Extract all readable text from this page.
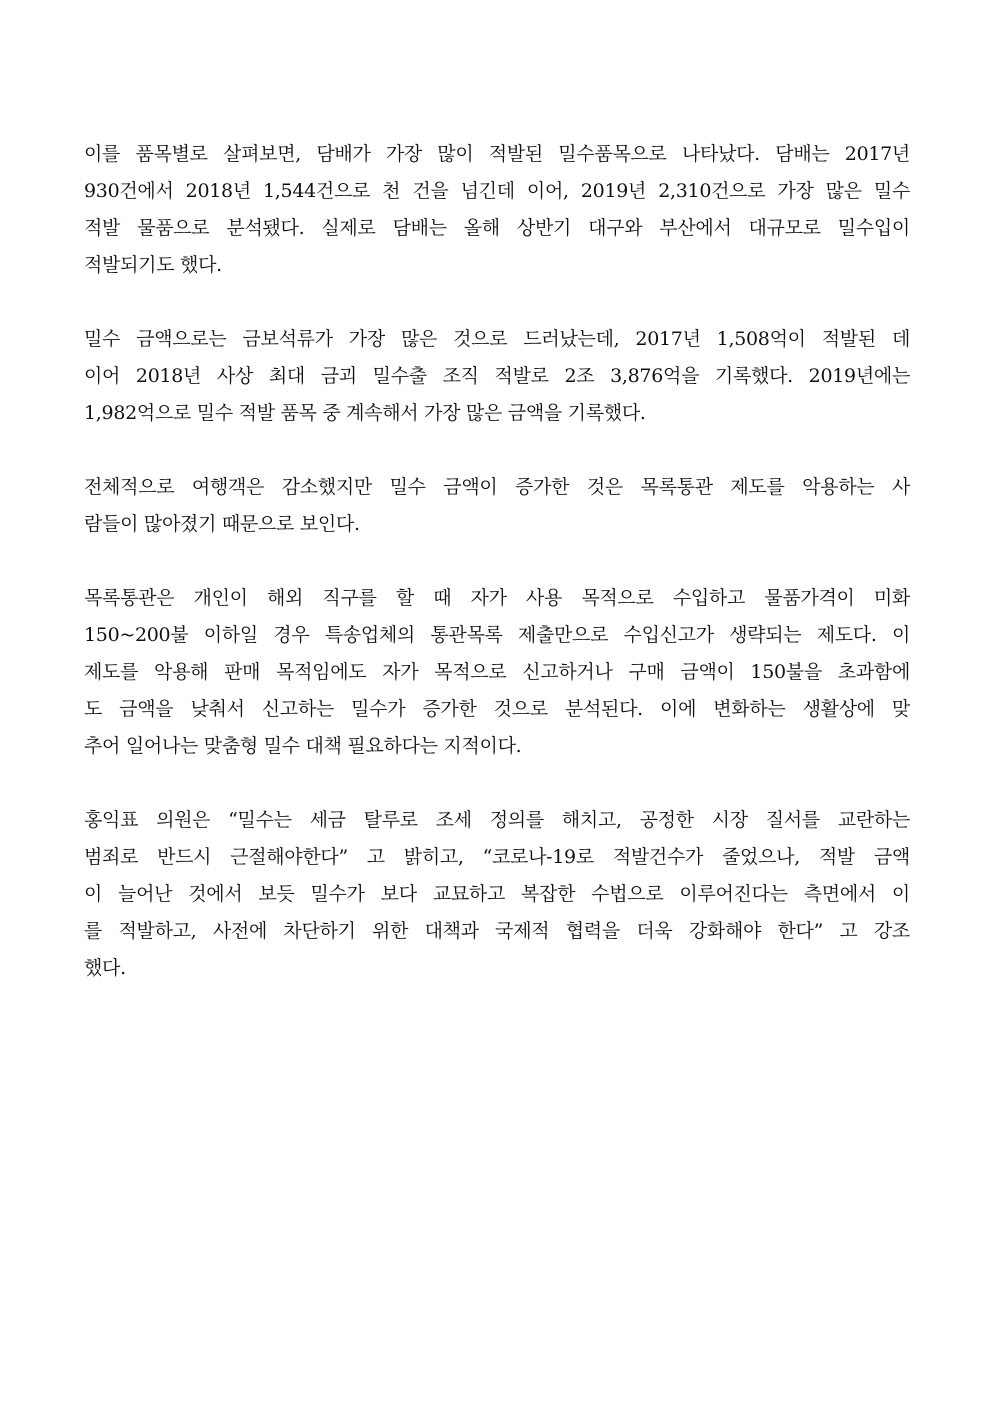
이를 품목별로 살펴보면, 담배가 가장 많이 적발된 밀수품목으로 나타났다. 담배는 2017년
930건에서 2018년 1,544건으로 천 건을 넘긴데 이어, 2019년 2,310건으로 가장 많은 밀수
적발 물품으로 분석됐다. 실제로 담배는 올해 상반기 대구와 부산에서 대규모로 밀수입이
적발되기도 했다.

밀수 금액으로는 금보석류가 가장 많은 것으로 드러났는데, 2017년 1,508억이 적발된 데
이어 2018년 사상 최대 금괴 밀수출 조직 적발로 2조 3,876억을 기록했다. 2019년에는
1,982억으로 밀수 적발 품목 중 계속해서 가장 많은 금액을 기록했다.

전체적으로 여행객은 감소했지만 밀수 금액이 증가한 것은 목록통관 제도를 악용하는 사
람들이 많아졌기 때문으로 보인다.

목록통관은 개인이 해외 직구를 할 때 자가 사용 목적으로 수입하고 물품가격이 미화
150~200불 이하일 경우 특송업체의 통관목록 제출만으로 수입신고가 생략되는 제도다. 이
제도를 악용해 판매 목적임에도 자가 목적으로 신고하거나 구매 금액이 150불을 초과함에
도 금액을 낮춰서 신고하는 밀수가 증가한 것으로 분석된다. 이에 변화하는 생활상에 맞
추어 일어나는 맞춤형 밀수 대책 필요하다는 지적이다.

홍익표 의원은 “밀수는 세금 탈루로 조세 정의를 해치고, 공정한 시장 질서를 교란하는
범죄로 반드시 근절해야한다” 고 밝히고, “코로나-19로 적발건수가 줄었으나, 적발 금액
이 늘어난 것에서 보듯 밀수가 보다 교묘하고 복잡한 수법으로 이루어진다는 측면에서 이
를 적발하고, 사전에 차단하기 위한 대책과 국제적 협력을 더욱 강화해야 한다” 고 강조
했다.
